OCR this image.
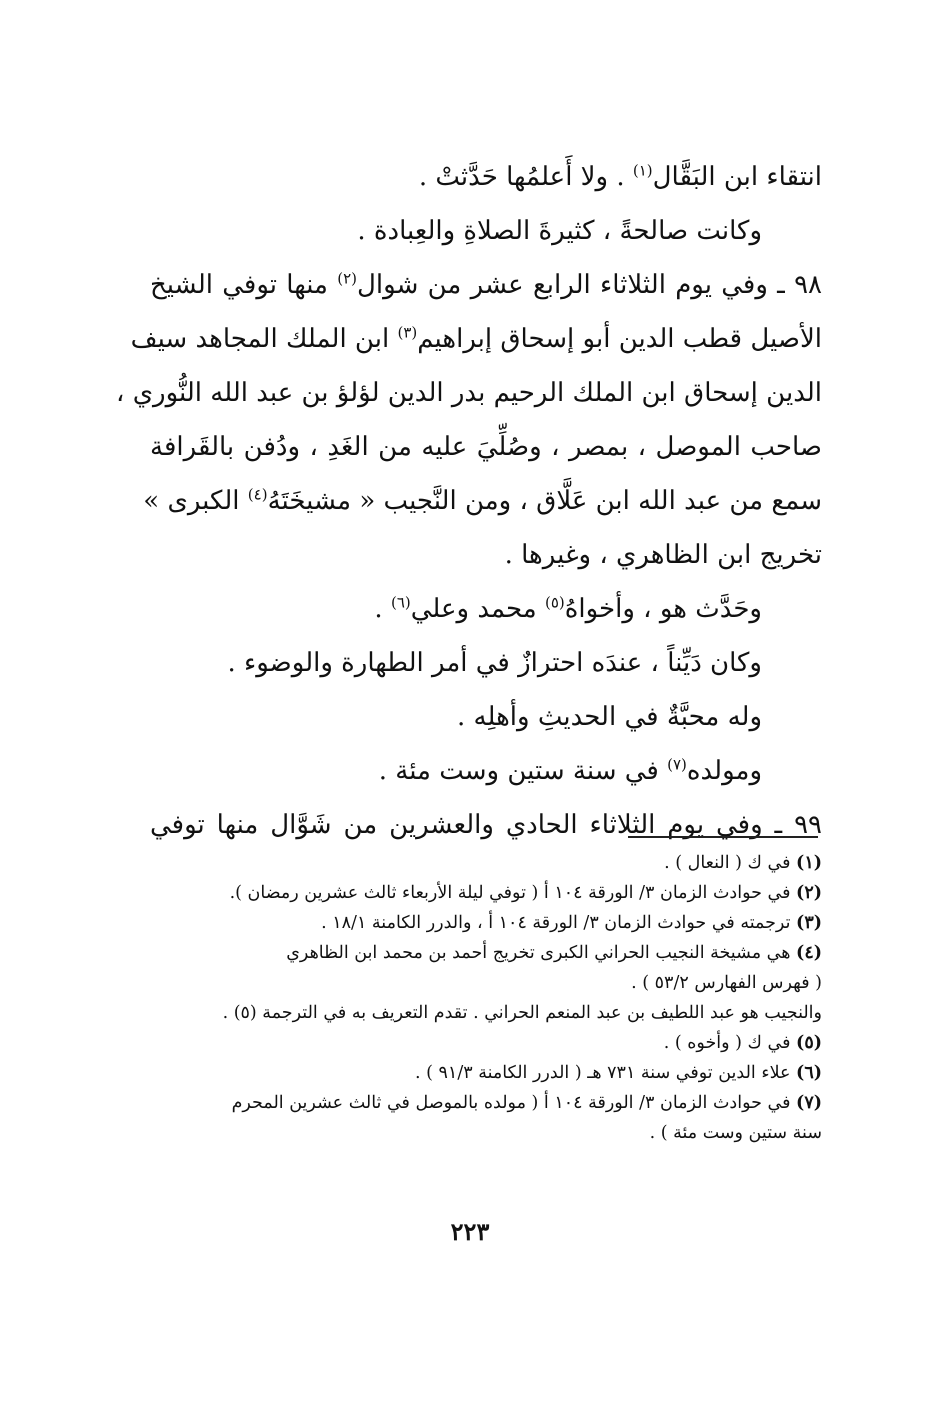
انتقاء ابن البَقَّال$^{(١)}$ . ولا أَعلمُها حَدَّثتْ .
وكانت صالحةً ، كثيرةَ الصلاةِ والعِبادة .
٩٨ ـ وفي يوم الثلاثاء الرابع عشر من شوال$^{(٢)}$ منها توفي الشيخ
الأصيل قطب الدين أبو إسحاق إبراهيم$^{(٣)}$ ابن الملك المجاهد سيف
الدين إسحاق ابن الملك الرحيم بدر الدين لؤلؤ بن عبد الله النُّوري ،
صاحب الموصل ، بمصر ، وصُلِّيَ عليه من الغَدِ ، ودُفن بالقَرافة
سمع من عبد الله ابن عَلَّاق ، ومن النَّجيب « مشيخَتَهُ$^{(٤)}$ الكبرى »
تخريج ابن الظاهري ، وغيرها .
وحَدَّث هو ، وأخواهُ$^{(٥)}$ محمد وعلي$^{(٦)}$ .
وكان دَيِّناً ، عندَه احترازٌ في أمر الطهارة والوضوء .
وله محبَّةٌ في الحديثِ وأهلِه .
ومولده$^{(٧)}$ في سنة ستين وست مئة .
٩٩ ـ وفي يوم الثلاثاء الحادي والعشرين من شَوَّال منها توفي
(١) في ك ( النعال ) .
(٢) في حوادث الزمان ٣/ الورقة ١٠٤ أ ( توفي ليلة الأربعاء ثالث عشرين رمضان ).
(٣) ترجمته في حوادث الزمان ٣/ الورقة ١٠٤ أ ، والدرر الكامنة ١٨/١ .
(٤) هي مشيخة النجيب الحراني الكبرى تخريج أحمد بن محمد ابن الظاهري
( فهرس الفهارس ٥٣/٢ ) .
والنجيب هو عبد اللطيف بن عبد المنعم الحراني . تقدم التعريف به في الترجمة (٥) .
(٥) في ك ( وأخوه ) .
(٦) علاء الدين توفي سنة ٧٣١ هـ ( الدرر الكامنة ٩١/٣ ) .
(٧) في حوادث الزمان ٣/ الورقة ١٠٤ أ ( مولده بالموصل في ثالث عشرين المحرم
سنة ستين وست مئة ) .
٢٢٣
